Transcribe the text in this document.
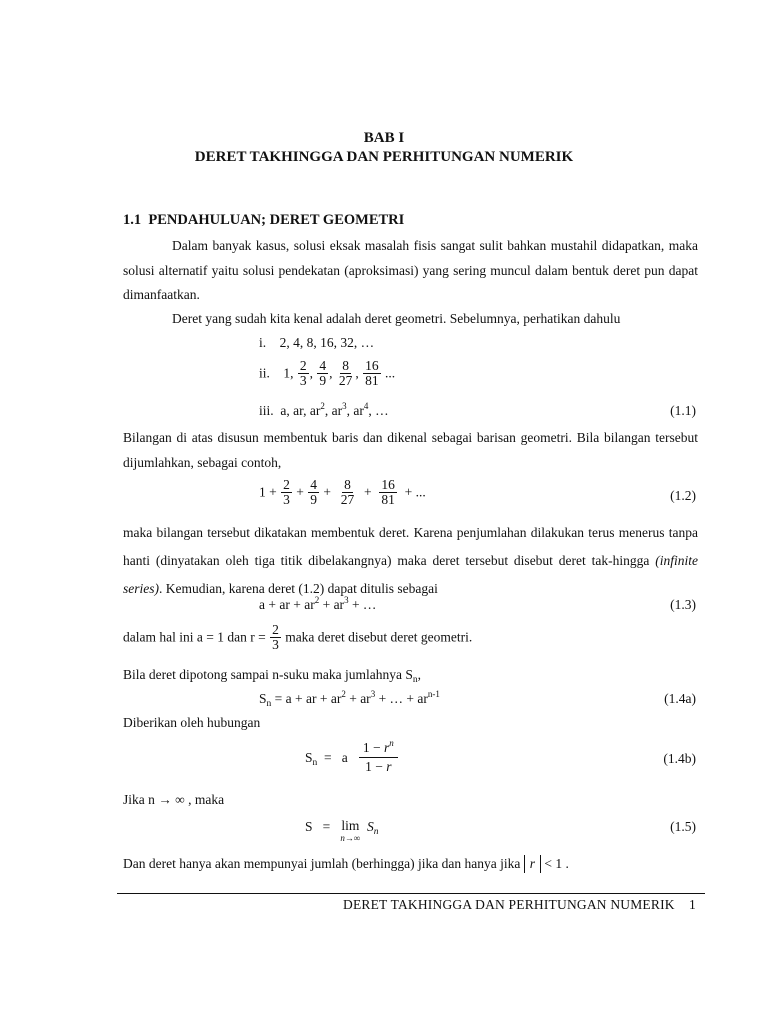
BAB I
DERET TAKHINGGA DAN PERHITUNGAN NUMERIK
1.1 PENDAHULUAN; DERET GEOMETRI
Dalam banyak kasus, solusi eksak masalah fisis sangat sulit bahkan mustahil didapatkan, maka solusi alternatif yaitu solusi pendekatan (aproksimasi) yang sering muncul dalam bentuk deret pun dapat dimanfaatkan.
Deret yang sudah kita kenal adalah deret geometri. Sebelumnya, perhatikan dahulu
i. 2, 4, 8, 16, 32, …
ii. 1, $\frac{2}{3}$ , $\frac{4}{9}$ , $\frac{8}{27}$ , $\frac{16}{81}$ ...
iii.  a, ar, $ar^2$, $ar^3$, $ar^4$, …	(1.1)
Bilangan di atas disusun membentuk baris dan dikenal sebagai barisan geometri. Bila bilangan tersebut dijumlahkan, sebagai contoh,
$1 + \frac{2}{3} + \frac{4}{9} + \frac{8}{27} + \frac{16}{81}$ + ...	(1.2)
maka bilangan tersebut dikatakan membentuk deret. Karena penjumlahan dilakukan terus menerus tanpa hanti (dinyatakan oleh tiga titik dibelakangnya) maka deret tersebut disebut deret tak-hingga (infinite series). Kemudian, karena deret (1.2) dapat ditulis sebagai
a + ar + $ar^2 + ar^3$ + …	(1.3)
dalam hal ini a = 1 dan $r = \frac{2}{3}$ maka deret disebut deret geometri.
Bila deret dipotong sampai n-suku maka jumlahnya $S_n$,
$S_n = a$ + ar + $ar^2 + ar^3$ + … + $ar^{n-1}$	(1.4a)
Diberikan oleh hubungan
$S_n = a \frac{1 - r^n}{1 - r}$	(1.4b)
Jika n → ∞ , maka
S   = lim
n→∞
$S_n$	(1.5)
Dan deret hanya akan mempunyai jumlah (berhingga) jika dan hanya jika r < 1 .
DERET TAKHINGGA DAN PERHITUNGAN NUMERIK 1
